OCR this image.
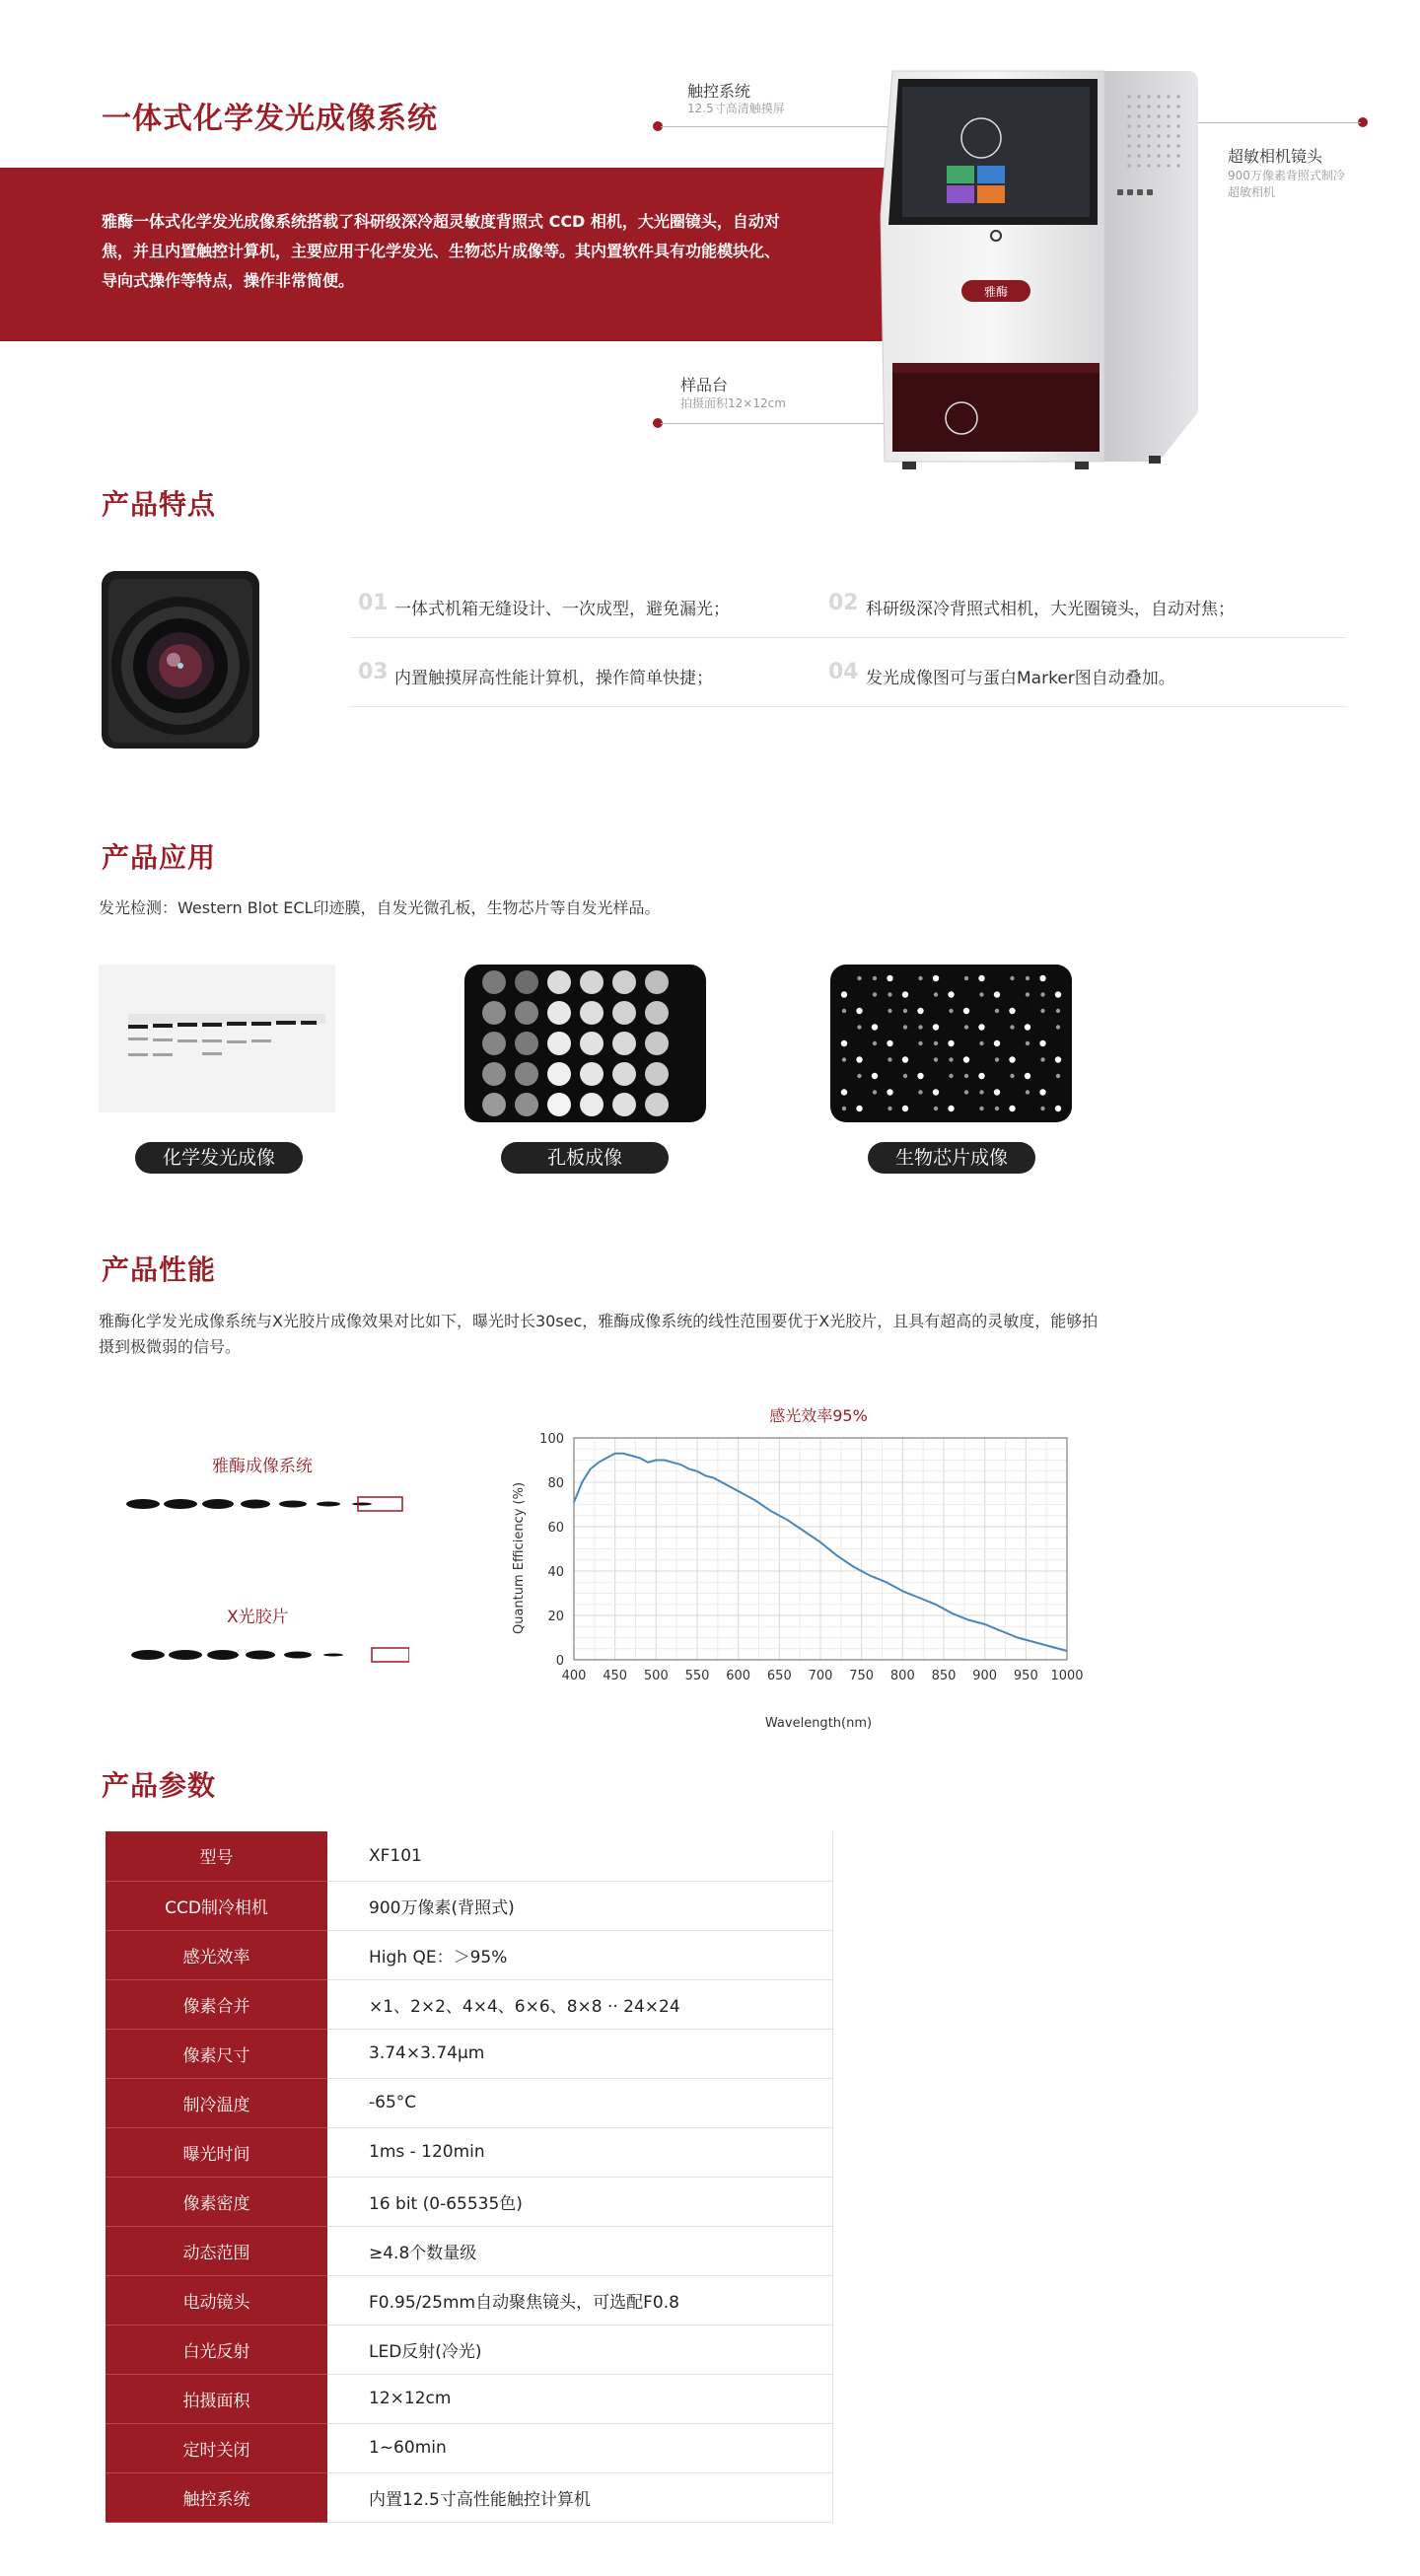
一体式化学发光成像系统
雅酶一体式化学发光成像系统搭载了科研级深冷超灵敏度背照式 CCD 相机，大光圈镜头，自动对焦，并且内置触控计算机，主要应用于化学发光、生物芯片成像等。其内置软件具有功能模块化、导向式操作等特点，操作非常简便。
触控系统
12.5寸高清触摸屏
超敏相机镜头
900万像素背照式制冷
超敏相机
样品台
拍摄面积12×12cm
雅酶
产品特点
01 一体式机箱无缝设计、一次成型，避免漏光；	02 科研级深冷背照式相机，大光圈镜头，自动对焦；
03 内置触摸屏高性能计算机，操作简单快捷；	04 发光成像图可与蛋白Marker图自动叠加。
产品应用
发光检测：Western Blot ECL印迹膜，自发光微孔板，生物芯片等自发光样品。
化学发光成像	孔板成像	生物芯片成像
产品性能
雅酶化学发光成像系统与X光胶片成像效果对比如下，曝光时长30sec，雅酶成像系统的线性范围要优于X光胶片，且具有超高的灵敏度，能够拍摄到极微弱的信号。
雅酶成像系统
X光胶片
感光效率95%
400 450 500 550 600 650 700 750 800 850 900 950 1000
0
20
40
60
80
100
Wavelength(nm)
Quantum Efficiency (%)
产品参数
型号	XF101
CCD制冷相机	900万像素(背照式)
感光效率	High QE：＞95%
像素合并	×1、2×2、4×4、6×6、8×8 ·· 24×24
像素尺寸	3.74×3.74μm
制冷温度	-65°C
曝光时间	1ms - 120min
像素密度	16 bit (0-65535色)
动态范围	≥4.8个数量级
电动镜头	F0.95/25mm自动聚焦镜头，可选配F0.8
白光反射	LED反射(冷光)
拍摄面积	12×12cm
定时关闭	1~60min
触控系统	内置12.5寸高性能触控计算机
